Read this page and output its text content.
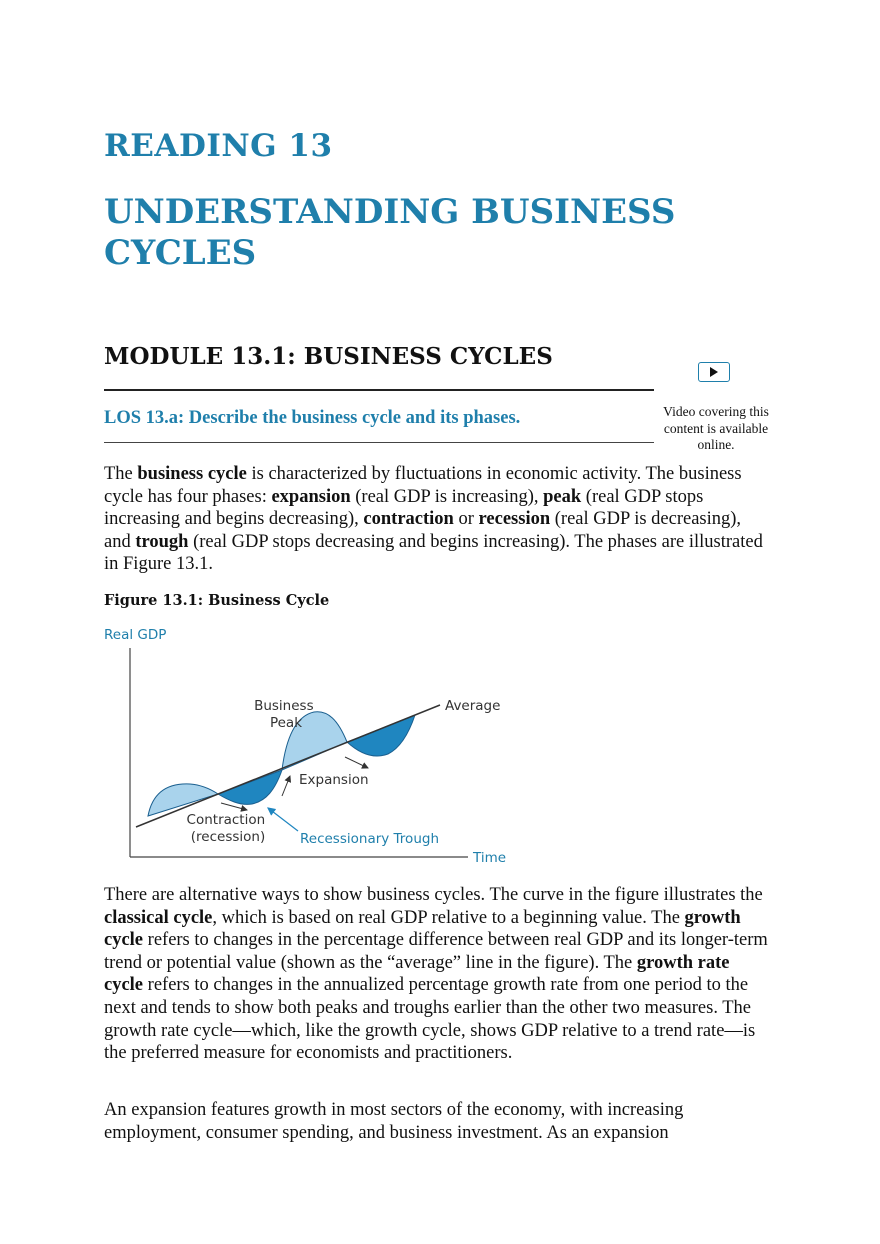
READING 13
UNDERSTANDING BUSINESS CYCLES
MODULE 13.1: BUSINESS CYCLES
LOS 13.a: Describe the business cycle and its phases.	Video covering this content is available online.
The business cycle is characterized by fluctuations in economic activity. The business cycle has four phases: expansion (real GDP is increasing), peak (real GDP stops increasing and begins decreasing), contraction or recession (real GDP is decreasing), and trough (real GDP stops decreasing and begins increasing). The phases are illustrated in Figure 13.1.
Figure 13.1: Business Cycle
Real GDP
Time
Business Peak
Average
Expansion
Contraction (recession)	Recessionary Trough
There are alternative ways to show business cycles. The curve in the figure illustrates the classical cycle, which is based on real GDP relative to a beginning value. The growth cycle refers to changes in the percentage difference between real GDP and its longer-term trend or potential value (shown as the “average” line in the figure). The growth rate cycle refers to changes in the annualized percentage growth rate from one period to the next and tends to show both peaks and troughs earlier than the other two measures. The growth rate cycle—which, like the growth cycle, shows GDP relative to a trend rate—is the preferred measure for economists and practitioners.
An expansion features growth in most sectors of the economy, with increasing employment, consumer spending, and business investment. As an expansion
